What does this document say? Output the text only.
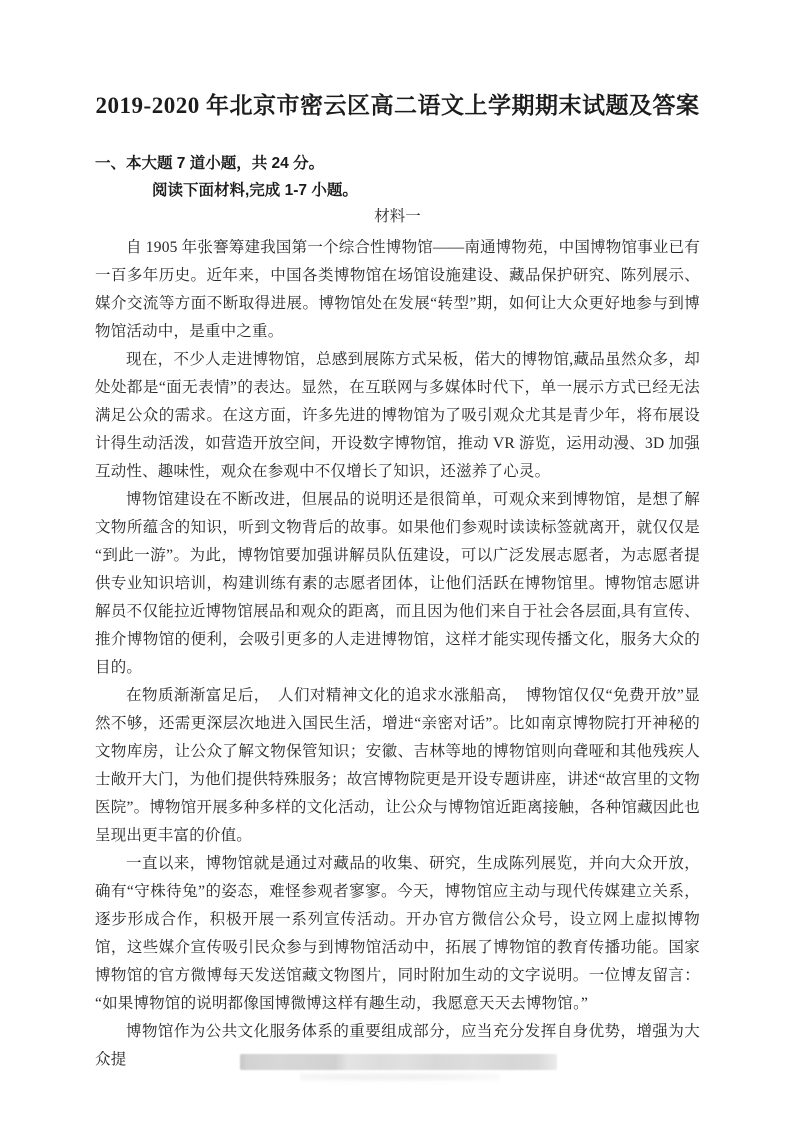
2019-2020 年北京市密云区高二语文上学期期末试题及答案
一、本大题 7 道小题，共 24 分。
阅读下面材料,完成 1-7 小题。
材料一

自 1905 年张謇筹建我国第一个综合性博物馆——南通博物苑，中国博物馆事业已有一百多年历史。近年来，中国各类博物馆在场馆设施建设、藏品保护研究、陈列展示、媒介交流等方面不断取得进展。博物馆处在发展“转型”期，如何让大众更好地参与到博物馆活动中，是重中之重。

现在，不少人走进博物馆，总感到展陈方式呆板，偌大的博物馆,藏品虽然众多，却处处都是“面无表情”的表达。显然，在互联网与多媒体时代下，单一展示方式已经无法满足公众的需求。在这方面，许多先进的博物馆为了吸引观众尤其是青少年，将布展设计得生动活泼，如营造开放空间，开设数字博物馆，推动 VR 游览，运用动漫、3D 加强互动性、趣味性，观众在参观中不仅增长了知识，还滋养了心灵。

博物馆建设在不断改进，但展品的说明还是很简单，可观众来到博物馆，是想了解文物所蕴含的知识，听到文物背后的故事。如果他们参观时读读标签就离开，就仅仅是“到此一游”。为此，博物馆要加强讲解员队伍建设，可以广泛发展志愿者，为志愿者提 供专业知识培训，构建训练有素的志愿者团体，让他们活跃在博物馆里。博物馆志愿讲解员不仅能拉近博物馆展品和观众的距离，而且因为他们来自于社会各层面,具有宣传、推介博物馆的便利，会吸引更多的人走进博物馆，这样才能实现传播文化，服务大众的目的。

在物质渐渐富足后，　人们对精神文化的追求水涨船高，　博物馆仅仅“免费开放”显然不够，还需更深层次地进入国民生活，增进“亲密对话”。比如南京博物院打开神秘的文物库房，让公众了解文物保管知识；安徽、吉林等地的博物馆则向聋哑和其他残疾人士敞开大门，为他们提供特殊服务；故宫博物院更是开设专题讲座，讲述“故宫里的文物医院”。博物馆开展多种多样的文化活动，让公众与博物馆近距离接触，各种馆藏因此也呈现出更丰富的价值。

一直以来，博物馆就是通过对藏品的收集、研究，生成陈列展览，并向大众开放，确有“守株待兔”的姿态，难怪参观者寥寥。今天，博物馆应主动与现代传媒建立关系，逐步形成合作，积极开展一系列宣传活动。开办官方微信公众号，设立网上虚拟博物馆，这些媒介宣传吸引民众参与到博物馆活动中，拓展了博物馆的教育传播功能。国家博物馆的官方微博每天发送馆藏文物图片，同时附加生动的文字说明。一位博友留言：“如果博物馆的说明都像国博微博这样有趣生动，我愿意天天去博物馆。”

博物馆作为公共文化服务体系的重要组成部分，应当充分发挥自身优势，增强为大众提
